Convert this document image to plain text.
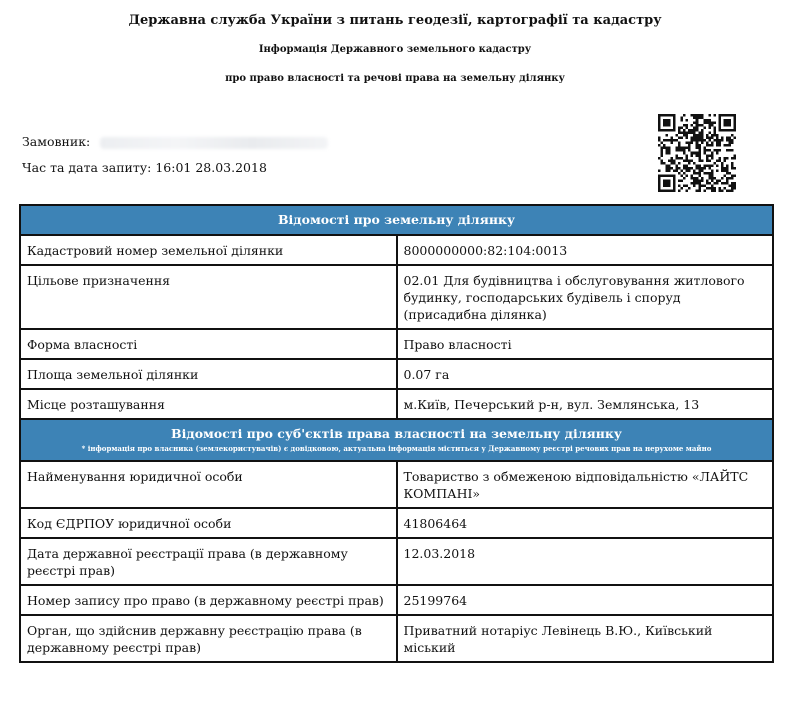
Державна служба України з питань геодезії, картографії та кадастру
Інформація Державного земельного кадастру
про право власності та речові права на земельну ділянку
Замовник:
Час та дата запиту: 16:01 28.03.2018
Відомості про земельну ділянку	
Кадастровий номер земельної ділянки	8000000000:82:104:0013
Цільове призначення	02.01 Для будівництва і обслуговування житлового будинку, господарських будівель і споруд (присадибна ділянка)
Форма власності	Право власності
Площа земельної ділянки	0.07 га
Місце розташування	м.Київ, Печерський р-н, вул. Землянська, 13
Відомості про суб'єктів права власності на земельну ділянку
* інформація про власника (землекористувачів) є довідковою, актуальна інформація міститься у Державному реєстрі речових прав на нерухоме майно	

Найменування юридичної особи	Товариство з обмеженою відповідальністю «ЛАЙТС КОМПАНІ»
Код ЄДРПОУ юридичної особи	41806464
Дата державної реєстрації права (в державному реєстрі прав)	12.03.2018
Номер запису про право (в державному реєстрі прав)	25199764
Орган, що здійснив державну реєстрацію права (в державному реєстрі прав)	Приватний нотаріус Левінець В.Ю., Київський міський
